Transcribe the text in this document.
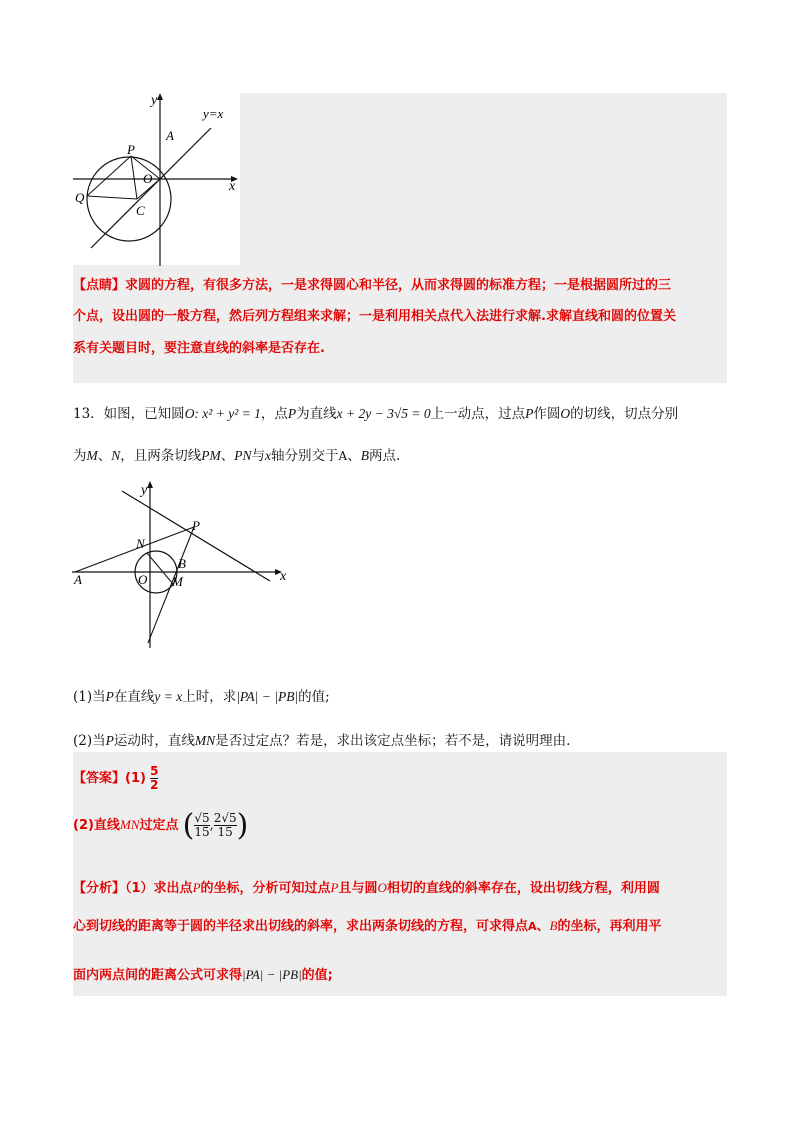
y
y=x
A
P
O
x
Q
C
【点睛】求圆的方程，有很多方法，一是求得圆心和半径，从而求得圆的标准方程；一是根据圆所过的三
个点，设出圆的一般方程，然后列方程组来求解；一是利用相关点代入法进行求解.求解直线和圆的位置关
系有关题目时，要注意直线的斜率是否存在.
13．如图，已知圆O: x² + y² = 1，点P为直线x + 2y − 3√5 = 0上一动点，过点P作圆O的切线，切点分别
为M、N，且两条切线PM、PN与x轴分别交于A、B两点.
y
P
N
B
A	O M	x
(1)当P在直线y = x上时，求|PA| − |PB|的值;
(2)当P运动时，直线MN是否过定点？若是，求出该定点坐标；若不是，请说明理由.
【答案】$(1) \frac{5}{2}$
(2)直线MN过定点 ( $\frac{√5}{15}$ , $\frac{2√5}{15}$ )
【分析】（1）求出点P的坐标，分析可知过点P且与圆O相切的直线的斜率存在，设出切线方程，利用圆
心到切线的距离等于圆的半径求出切线的斜率，求出两条切线的方程，可求得点A、B的坐标，再利用平
面内两点间的距离公式可求得|PA| − |PB|的值;
